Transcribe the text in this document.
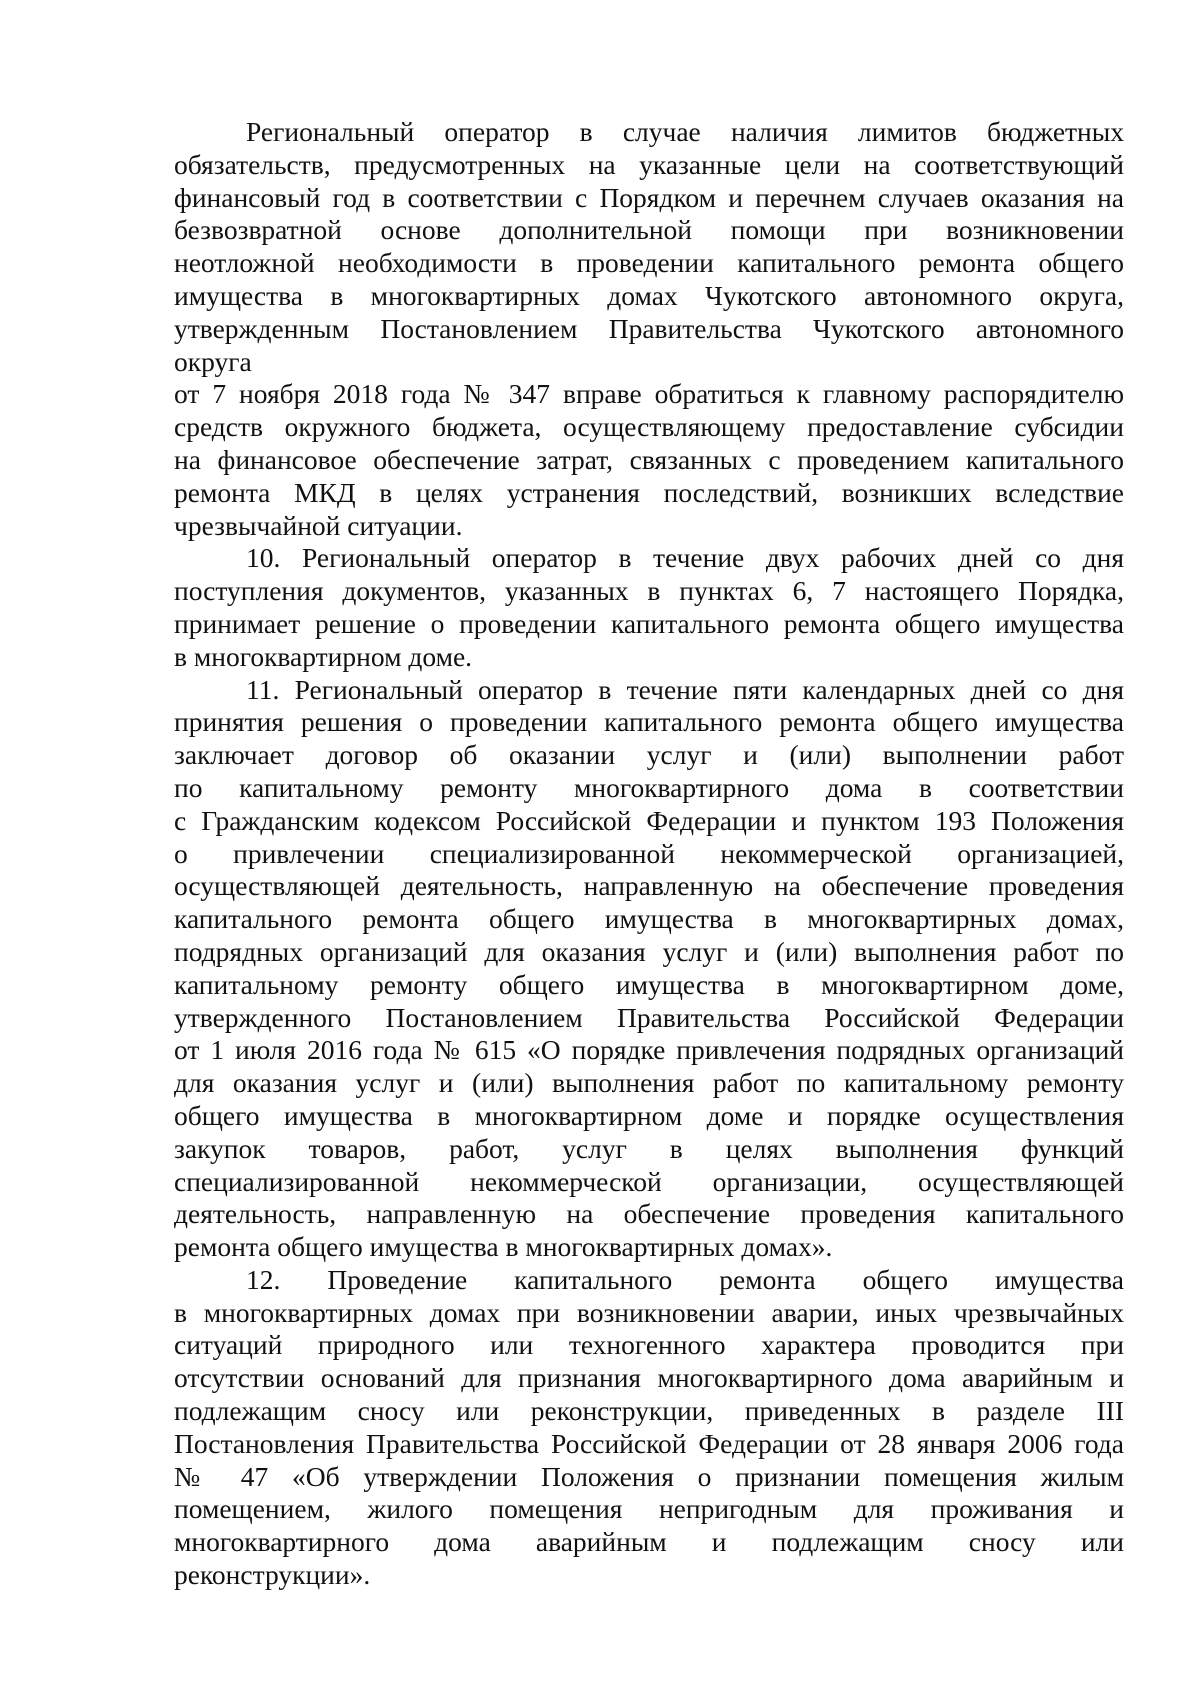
Региональный оператор в случае наличия лимитов бюджетных
обязательств, предусмотренных на указанные цели на соответствующий
финансовый год в соответствии с Порядком и перечнем случаев оказания на
безвозвратной основе дополнительной помощи при возникновении
неотложной необходимости в проведении капитального ремонта общего
имущества в многоквартирных домах Чукотского автономного округа,
утвержденным Постановлением Правительства Чукотского автономного
округа
от 7 ноября 2018 года № 347 вправе обратиться к главному распорядителю
средств окружного бюджета, осуществляющему предоставление субсидии
на финансовое обеспечение затрат, связанных с проведением капитального
ремонта МКД в целях устранения последствий, возникших вследствие
чрезвычайной ситуации.
10. Региональный оператор в течение двух рабочих дней со дня
поступления документов, указанных в пунктах 6, 7 настоящего Порядка,
принимает решение о проведении капитального ремонта общего имущества
в многоквартирном доме.
11. Региональный оператор в течение пяти календарных дней со дня
принятия решения о проведении капитального ремонта общего имущества
заключает договор об оказании услуг и (или) выполнении работ
по капитальному ремонту многоквартирного дома в соответствии
с Гражданским кодексом Российской Федерации и пунктом 193 Положения
о привлечении специализированной некоммерческой организацией,
осуществляющей деятельность, направленную на обеспечение проведения
капитального ремонта общего имущества в многоквартирных домах,
подрядных организаций для оказания услуг и (или) выполнения работ по
капитальному ремонту общего имущества в многоквартирном доме,
утвержденного Постановлением Правительства Российской Федерации
от 1 июля 2016 года № 615 «О порядке привлечения подрядных организаций
для оказания услуг и (или) выполнения работ по капитальному ремонту
общего имущества в многоквартирном доме и порядке осуществления
закупок товаров, работ, услуг в целях выполнения функций
специализированной некоммерческой организации, осуществляющей
деятельность, направленную на обеспечение проведения капитального
ремонта общего имущества в многоквартирных домах».
12. Проведение капитального ремонта общего имущества
в многоквартирных домах при возникновении аварии, иных чрезвычайных
ситуаций природного или техногенного характера проводится при
отсутствии оснований для признания многоквартирного дома аварийным и
подлежащим сносу или реконструкции, приведенных в разделе III
Постановления Правительства Российской Федерации от 28 января 2006 года
№ 47 «Об утверждении Положения о признании помещения жилым
помещением, жилого помещения непригодным для проживания и
многоквартирного дома аварийным и подлежащим сносу или
реконструкции».
